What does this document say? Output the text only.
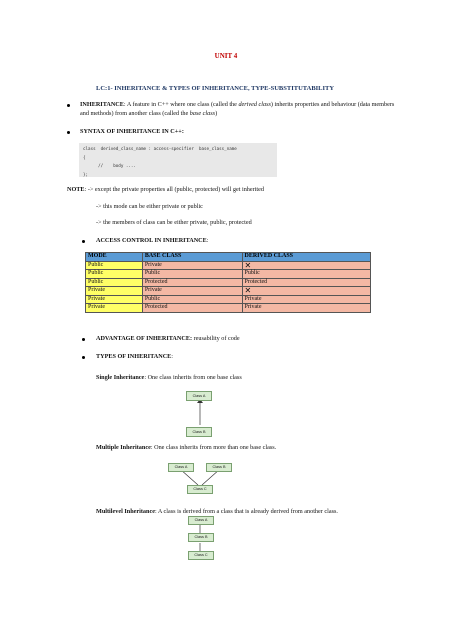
UNIT 4
LC:1- INHERITANCE & TYPES OF INHERITANCE, TYPE-SUBSTITUTABILITY
INHERITANCE: A feature in C++ where one class (called the derived class) inherits properties and behaviour (data members and methods) from another class (called the base class)
SYNTAX OF INHERITANCE IN C++:
class  derived_class_name : access-specifier  base_class_name
{
//    body ....
};
NOTE: -> except the private properties all (public, protected) will get inherited
-> this mode can be either private or public
-> the members of class can be either private, public, protected
ACCESS CONTROL IN INHERITANCE:
MODE	BASE CLASS	DERIVED CLASS
Public	Private	✕
Public	Public	Public
Public	Protected	Protected
Private	Private	✕
Private	Public	Private
Private	Protected	Private
ADVANTAGE OF INHERITANCE: reusability of code
TYPES OF INHERITANCE:
Single Inheritance: One class inherits from one base class
Class A
Class B
Multiple Inheritance: One class inherits from more than one base class.
Class A	Class B
Class C
Multilevel Inheritance: A class is derived from a class that is already derived from another class.
Class A
Class B
Class C
